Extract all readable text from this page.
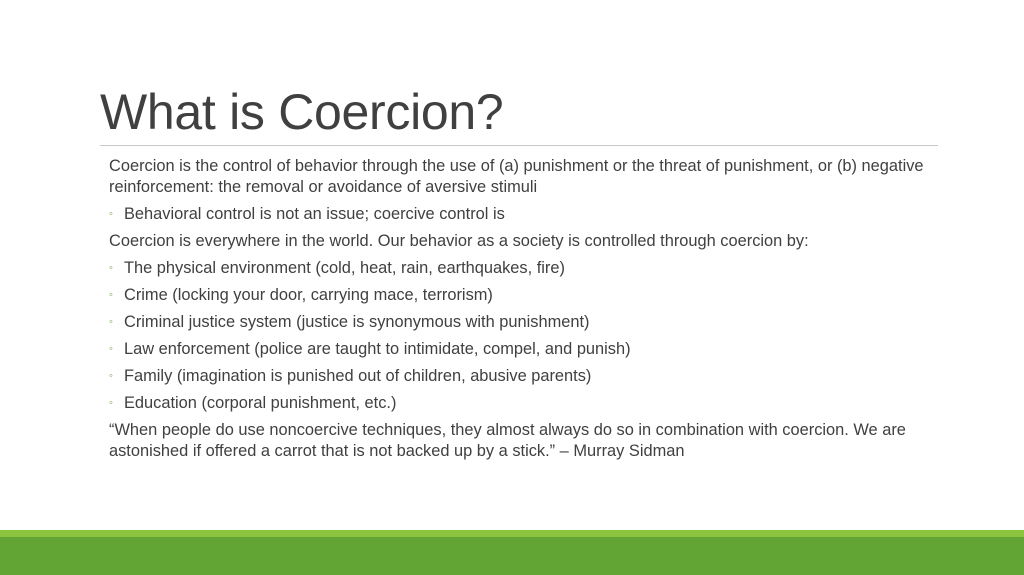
What is Coercion?

Coercion is the control of behavior through the use of (a) punishment or the threat of punishment, or (b) negative reinforcement: the removal or avoidance of aversive stimuli

◦ Behavioral control is not an issue; coercive control is

Coercion is everywhere in the world. Our behavior as a society is controlled through coercion by:

◦ The physical environment (cold, heat, rain, earthquakes, fire)
◦ Crime (locking your door, carrying mace, terrorism)
◦ Criminal justice system (justice is synonymous with punishment)
◦ Law enforcement (police are taught to intimidate, compel, and punish)
◦ Family (imagination is punished out of children, abusive parents)
◦ Education (corporal punishment, etc.)

“When people do use noncoercive techniques, they almost always do so in combination with coercion. We are astonished if offered a carrot that is not backed up by a stick.” – Murray Sidman
